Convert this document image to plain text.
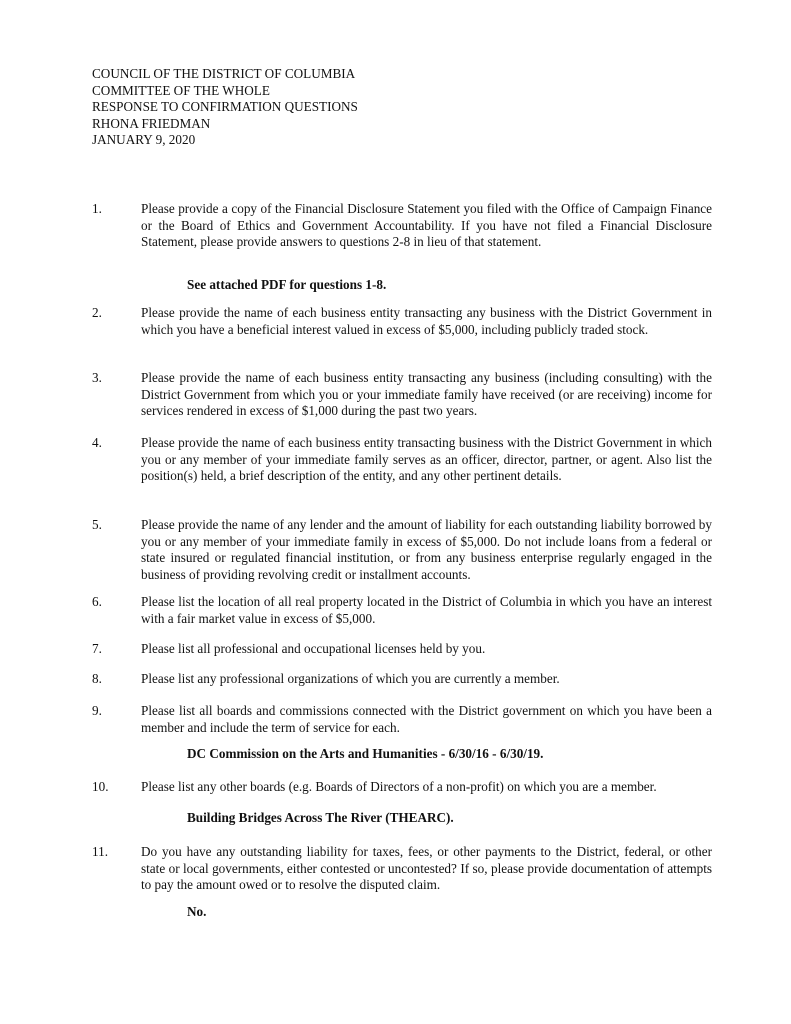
COUNCIL OF THE DISTRICT OF COLUMBIA
COMMITTEE OF THE WHOLE
RESPONSE TO CONFIRMATION QUESTIONS
RHONA FRIEDMAN
JANUARY 9, 2020
1.	Please provide a copy of the Financial Disclosure Statement you filed with the Office of Campaign Finance or the Board of Ethics and Government Accountability. If you have not filed a Financial Disclosure Statement, please provide answers to questions 2-8 in lieu of that statement.
See attached PDF for questions 1-8.
2.	Please provide the name of each business entity transacting any business with the District Government in which you have a beneficial interest valued in excess of $5,000, including publicly traded stock.
3.	Please provide the name of each business entity transacting any business (including consulting) with the District Government from which you or your immediate family have received (or are receiving) income for services rendered in excess of $1,000 during the past two years.
4.	Please provide the name of each business entity transacting business with the District Government in which you or any member of your immediate family serves as an officer, director, partner, or agent. Also list the position(s) held, a brief description of the entity, and any other pertinent details.
5.	Please provide the name of any lender and the amount of liability for each outstanding liability borrowed by you or any member of your immediate family in excess of $5,000. Do not include loans from a federal or state insured or regulated financial institution, or from any business enterprise regularly engaged in the business of providing revolving credit or installment accounts.
6.	Please list the location of all real property located in the District of Columbia in which you have an interest with a fair market value in excess of $5,000.
7.	Please list all professional and occupational licenses held by you.
8.	Please list any professional organizations of which you are currently a member.
9.	Please list all boards and commissions connected with the District government on which you have been a member and include the term of service for each.
DC Commission on the Arts and Humanities - 6/30/16 - 6/30/19.
10. Please list any other boards (e.g. Boards of Directors of a non-profit) on which you are a member.
Building Bridges Across The River (THEARC).
11.	Do you have any outstanding liability for taxes, fees, or other payments to the District, federal, or other state or local governments, either contested or uncontested? If so, please provide documentation of attempts to pay the amount owed or to resolve the disputed claim.
No.
